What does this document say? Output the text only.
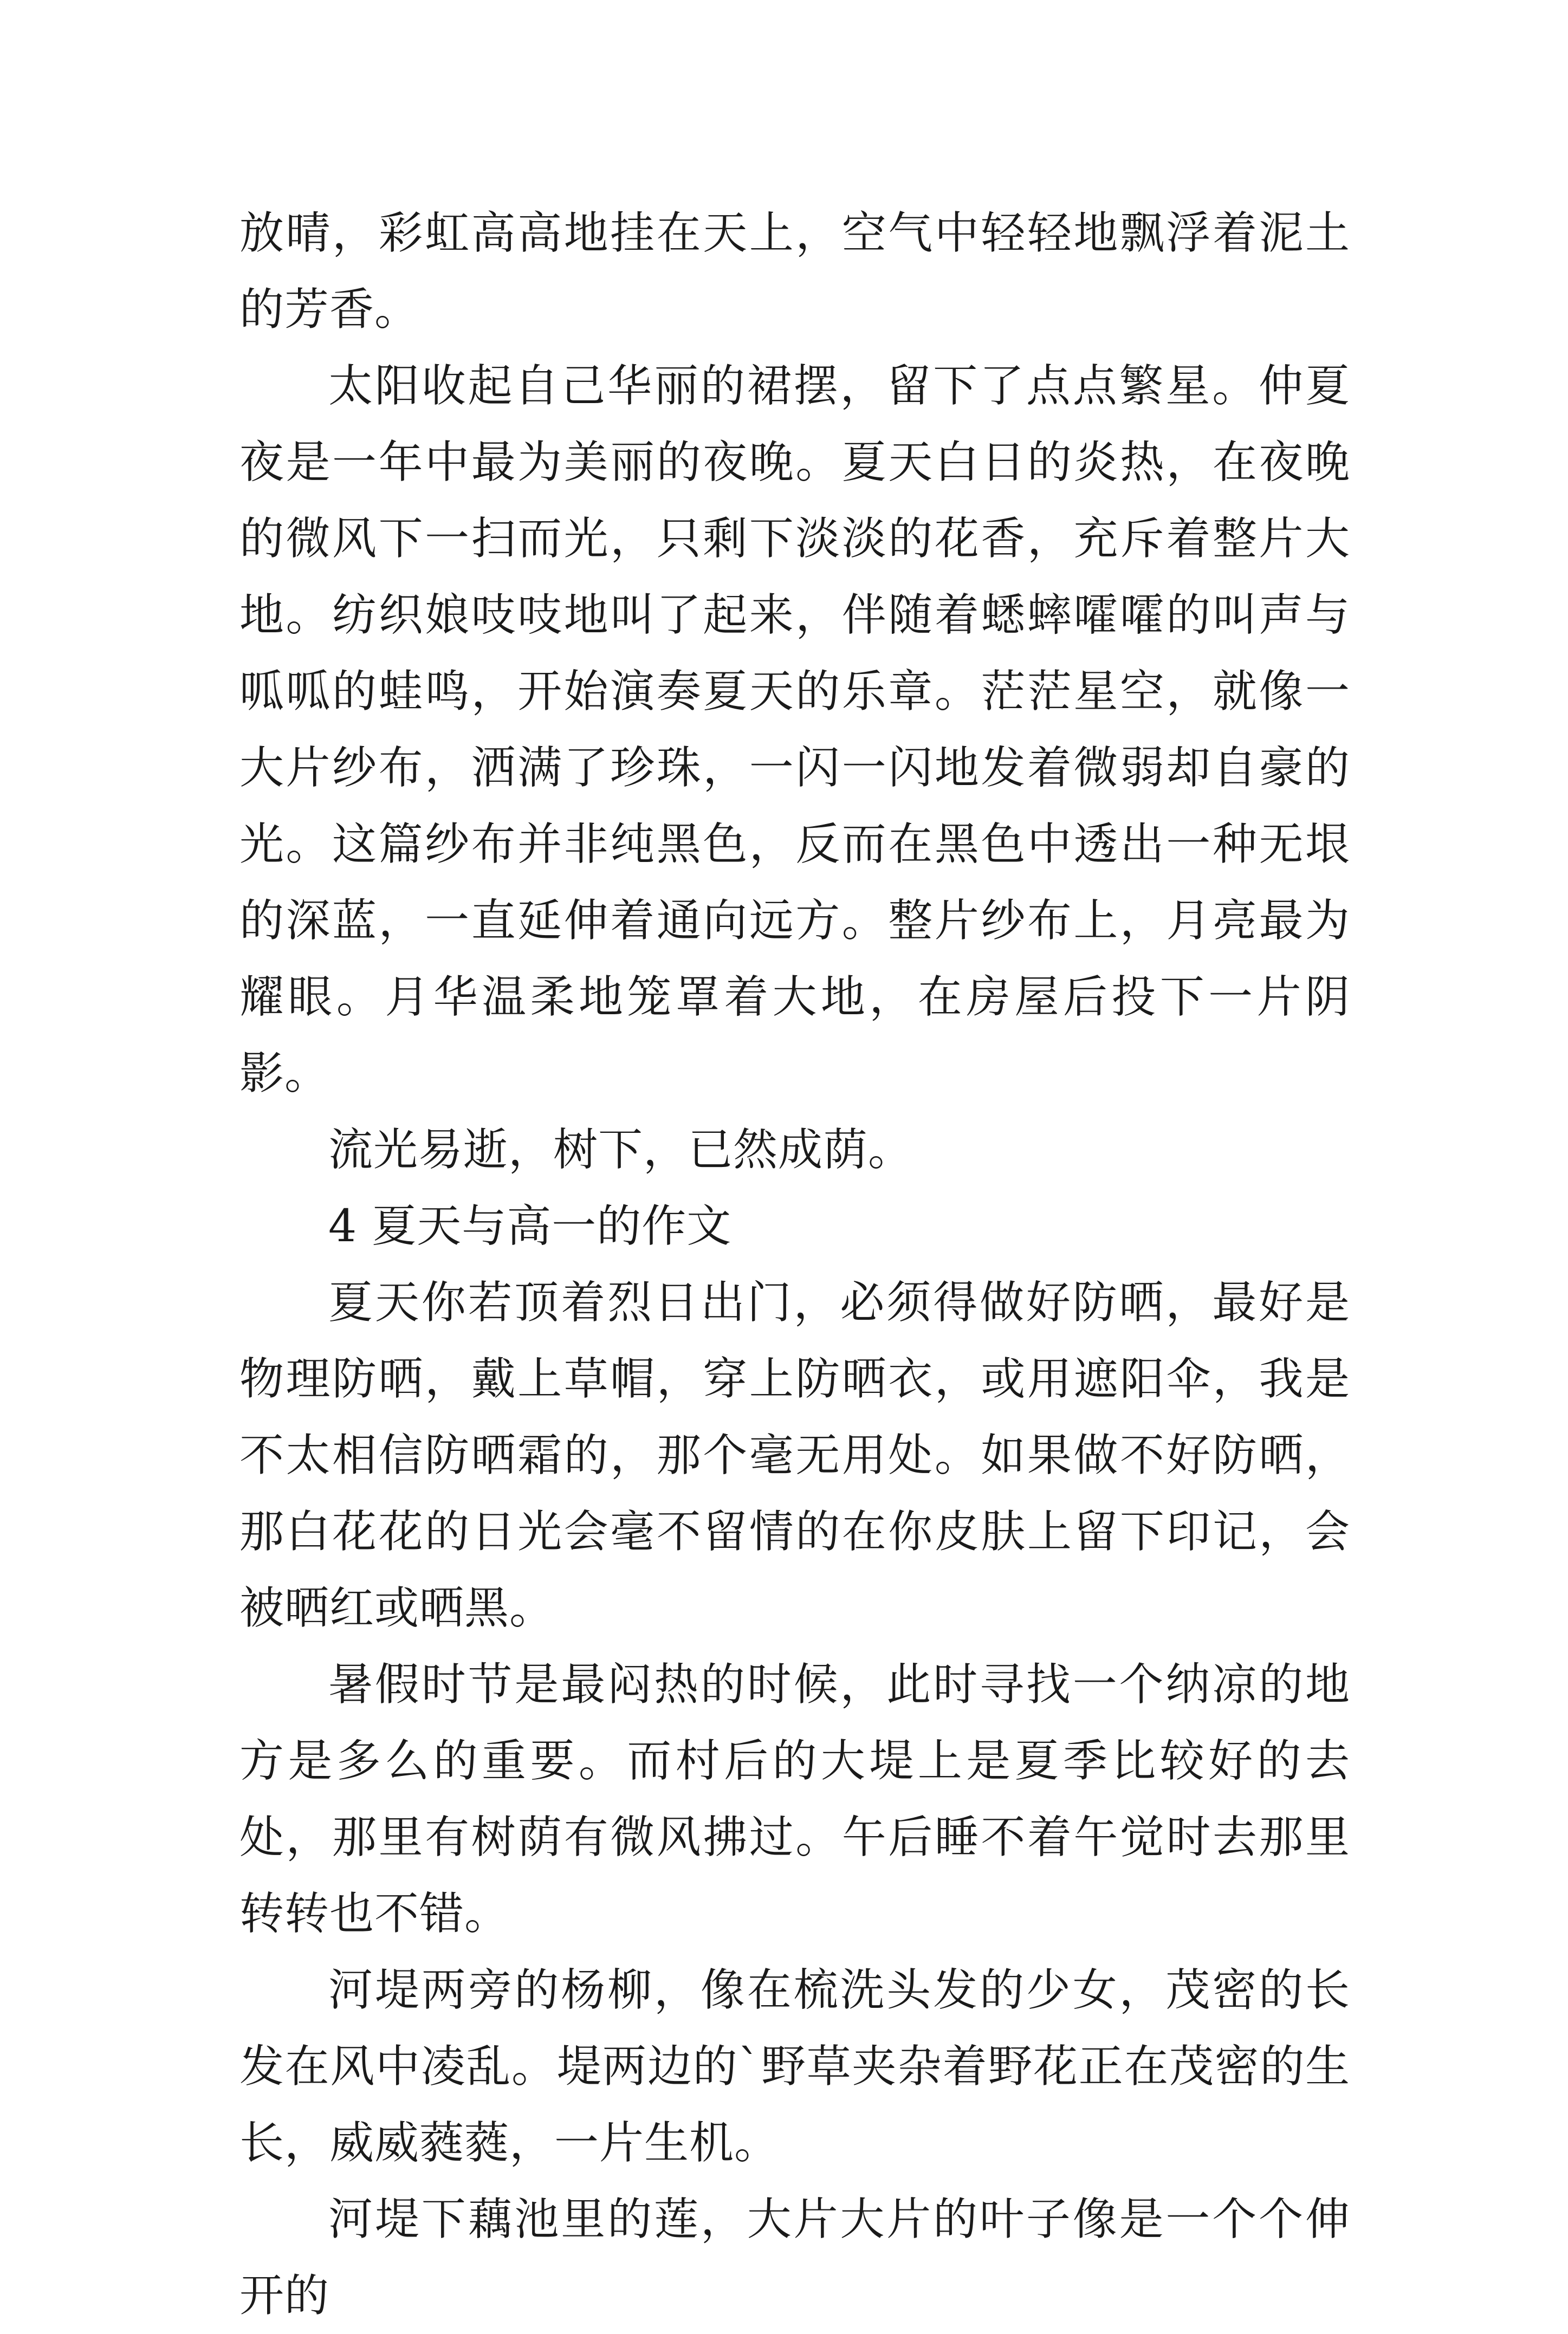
放晴，彩虹高高地挂在天上，空气中轻轻地飘浮着泥土的芳香。

太阳收起自己华丽的裙摆，留下了点点繁星。仲夏夜是一年中最为美丽的夜晚。夏天白日的炎热，在夜晚的微风下一扫而光，只剩下淡淡的花香，充斥着整片大地。纺织娘吱吱地叫了起来，伴随着蟋蟀嚯嚯的叫声与呱呱的蛙鸣，开始演奏夏天的乐章。茫茫星空，就像一大片纱布，洒满了珍珠，一闪一闪地发着微弱却自豪的光。这篇纱布并非纯黑色，反而在黑色中透出一种无垠的深蓝，一直延伸着通向远方。整片纱布上，月亮最为耀眼。月华温柔地笼罩着大地，在房屋后投下一片阴影。

流光易逝，树下，已然成荫。

4 夏天与高一的作文

夏天你若顶着烈日出门，必须得做好防晒，最好是物理防晒，戴上草帽，穿上防晒衣，或用遮阳伞，我是不太相信防晒霜的，那个毫无用处。如果做不好防晒，那白花花的日光会毫不留情的在你皮肤上留下印记，会被晒红或晒黑。

暑假时节是最闷热的时候，此时寻找一个纳凉的地方是多么的重要。而村后的大堤上是夏季比较好的去处，那里有树荫有微风拂过。午后睡不着午觉时去那里转转也不错。

河堤两旁的杨柳，像在梳洗头发的少女，茂密的长发在风中凌乱。堤两边的`野草夹杂着野花正在茂密的生长，威威蕤蕤，一片生机。

河堤下藕池里的莲，大片大片的叶子像是一个个伸开的
